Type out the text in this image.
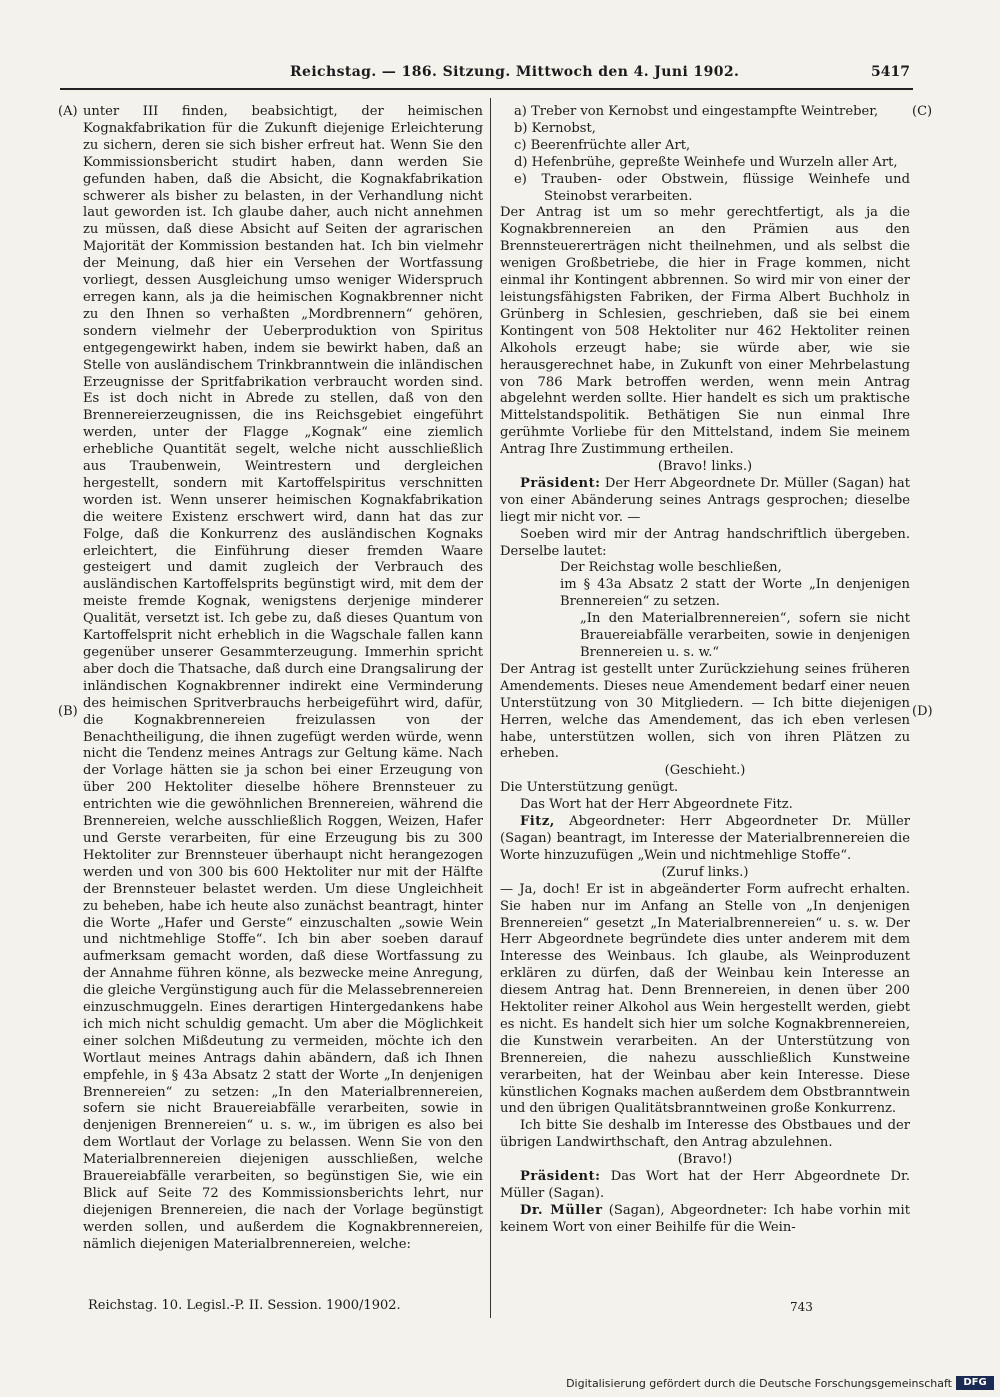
Reichstag. — 186. Sitzung. Mittwoch den 4. Juni 1902.	5417
(A)
(B)
(C)
(D)

unter III finden, beabsichtigt, der heimischen Kognakfabrikation für die Zukunft diejenige Erleichterung zu sichern, deren sie sich bisher erfreut hat. Wenn Sie den Kommissionsbericht studirt haben, dann werden Sie gefunden haben, daß die Absicht, die Kognakfabrikation schwerer als bisher zu belasten, in der Verhandlung nicht laut geworden ist. Ich glaube daher, auch nicht annehmen zu müssen, daß diese Absicht auf Seiten der agrarischen Majorität der Kommission bestanden hat. Ich bin vielmehr der Meinung, daß hier ein Versehen der Wortfassung vorliegt, dessen Ausgleichung umso weniger Widerspruch erregen kann, als ja die heimischen Kognakbrenner nicht zu den Ihnen so verhaßten „Mordbrennern“ gehören, sondern vielmehr der Ueberproduktion von Spiritus entgegengewirkt haben, indem sie bewirkt haben, daß an Stelle von ausländischem Trinkbranntwein die inländischen Erzeugnisse der Spritfabrikation verbraucht worden sind. Es ist doch nicht in Abrede zu stellen, daß von den Brennereierzeugnissen, die ins Reichsgebiet eingeführt werden, unter der Flagge „Kognak“ eine ziemlich erhebliche Quantität segelt, welche nicht ausschließlich aus Traubenwein, Weintrestern und dergleichen hergestellt, sondern mit Kartoffelspiritus verschnitten worden ist. Wenn unserer heimischen Kognakfabrikation die weitere Existenz erschwert wird, dann hat das zur Folge, daß die Konkurrenz des ausländischen Kognaks erleichtert, die Einführung dieser fremden Waare gesteigert und damit zugleich der Verbrauch des ausländischen Kartoffelsprits begünstigt wird, mit dem der meiste fremde Kognak, wenigstens derjenige minderer Qualität, versetzt ist. Ich gebe zu, daß dieses Quantum von Kartoffelsprit nicht erheblich in die Wagschale fallen kann gegenüber unserer Gesammterzeugung. Immerhin spricht aber doch die Thatsache, daß durch eine Drangsalirung der inländischen Kognakbrenner indirekt eine Verminderung des heimischen Spritverbrauchs herbeigeführt wird, dafür, die Kognakbrennereien freizulassen von der Benachtheiligung, die ihnen zugefügt werden würde, wenn nicht die Tendenz meines Antrags zur Geltung käme. Nach der Vorlage hätten sie ja schon bei einer Erzeugung von über 200 Hektoliter dieselbe höhere Brennsteuer zu entrichten wie die gewöhnlichen Brennereien, während die Brennereien, welche ausschließlich Roggen, Weizen, Hafer und Gerste verarbeiten, für eine Erzeugung bis zu 300 Hektoliter zur Brennsteuer überhaupt nicht herangezogen werden und von 300 bis 600 Hektoliter nur mit der Hälfte der Brennsteuer belastet werden. Um diese Ungleichheit zu beheben, habe ich heute also zunächst beantragt, hinter die Worte „Hafer und Gerste“ einzuschalten „sowie Wein und nichtmehlige Stoffe“. Ich bin aber soeben darauf aufmerksam gemacht worden, daß diese Wortfassung zu der Annahme führen könne, als bezwecke meine Anregung, die gleiche Vergünstigung auch für die Melassebrennereien einzuschmuggeln. Eines derartigen Hintergedankens habe ich mich nicht schuldig gemacht. Um aber die Möglichkeit einer solchen Mißdeutung zu vermeiden, möchte ich den Wortlaut meines Antrags dahin abändern, daß ich Ihnen empfehle, in § 43a Absatz 2 statt der Worte „In denjenigen Brennereien“ zu setzen: „In den Materialbrennereien, sofern sie nicht Brauereiabfälle verarbeiten, sowie in denjenigen Brennereien“ u. s. w., im übrigen es also bei dem Wortlaut der Vorlage zu belassen. Wenn Sie von den Materialbrennereien diejenigen ausschließen, welche Brauereiabfälle verarbeiten, so begünstigen Sie, wie ein Blick auf Seite 72 des Kommissionsberichts lehrt, nur diejenigen Brennereien, die nach der Vorlage begünstigt werden sollen, und außerdem die Kognakbrennereien, nämlich diejenigen Materialbrennereien, welche:

a) Treber von Kernobst und eingestampfte Weintreber,

b) Kernobst,

c) Beerenfrüchte aller Art,

d) Hefenbrühe, gepreßte Weinhefe und Wurzeln aller Art,

e) Trauben- oder Obstwein, flüssige Weinhefe und Steinobst verarbeiten.

Der Antrag ist um so mehr gerechtfertigt, als ja die Kognakbrennereien an den Prämien aus den Brennsteuererträgen nicht theilnehmen, und als selbst die wenigen Großbetriebe, die hier in Frage kommen, nicht einmal ihr Kontingent abbrennen. So wird mir von einer der leistungsfähigsten Fabriken, der Firma Albert Buchholz in Grünberg in Schlesien, geschrieben, daß sie bei einem Kontingent von 508 Hektoliter nur 462 Hektoliter reinen Alkohols erzeugt habe; sie würde aber, wie sie herausgerechnet habe, in Zukunft von einer Mehrbelastung von 786 Mark betroffen werden, wenn mein Antrag abgelehnt werden sollte. Hier handelt es sich um praktische Mittelstandspolitik. Bethätigen Sie nun einmal Ihre gerühmte Vorliebe für den Mittelstand, indem Sie meinem Antrag Ihre Zustimmung ertheilen.

(Bravo! links.)

Präsident: Der Herr Abgeordnete Dr. Müller (Sagan) hat von einer Abänderung seines Antrags gesprochen; dieselbe liegt mir nicht vor. —

Soeben wird mir der Antrag handschriftlich übergeben. Derselbe lautet:

Der Reichstag wolle beschließen,

im § 43a Absatz 2 statt der Worte „In denjenigen Brennereien“ zu setzen.

„In den Materialbrennereien“, sofern sie nicht Brauereiabfälle verarbeiten, sowie in denjenigen Brennereien u. s. w.“

Der Antrag ist gestellt unter Zurückziehung seines früheren Amendements. Dieses neue Amendement bedarf einer neuen Unterstützung von 30 Mitgliedern. — Ich bitte diejenigen Herren, welche das Amendement, das ich eben verlesen habe, unterstützen wollen, sich von ihren Plätzen zu erheben.

(Geschieht.)

Die Unterstützung genügt.

Das Wort hat der Herr Abgeordnete Fitz.

Fitz, Abgeordneter: Herr Abgeordneter Dr. Müller (Sagan) beantragt, im Interesse der Materialbrennereien die Worte hinzuzufügen „Wein und nichtmehlige Stoffe“.

(Zuruf links.)

— Ja, doch! Er ist in abgeänderter Form aufrecht erhalten. Sie haben nur im Anfang an Stelle von „In denjenigen Brennereien“ gesetzt „In Materialbrennereien“ u. s. w. Der Herr Abgeordnete begründete dies unter anderem mit dem Interesse des Weinbaus. Ich glaube, als Weinproduzent erklären zu dürfen, daß der Weinbau kein Interesse an diesem Antrag hat. Denn Brennereien, in denen über 200 Hektoliter reiner Alkohol aus Wein hergestellt werden, giebt es nicht. Es handelt sich hier um solche Kognakbrennereien, die Kunstwein verarbeiten. An der Unterstützung von Brennereien, die nahezu ausschließlich Kunstweine verarbeiten, hat der Weinbau aber kein Interesse. Diese künstlichen Kognaks machen außerdem dem Obstbranntwein und den übrigen Qualitätsbranntweinen große Konkurrenz.

Ich bitte Sie deshalb im Interesse des Obstbaues und der übrigen Landwirthschaft, den Antrag abzulehnen.

(Bravo!)

Präsident: Das Wort hat der Herr Abgeordnete Dr. Müller (Sagan).

Dr. Müller (Sagan), Abgeordneter: Ich habe vorhin mit keinem Wort von einer Beihilfe für die Wein-

Reichstag. 10. Legisl.-P. II. Session. 1900/1902.	743
Digitalisierung gefördert durch die Deutsche Forschungsgemeinschaft	DFG
